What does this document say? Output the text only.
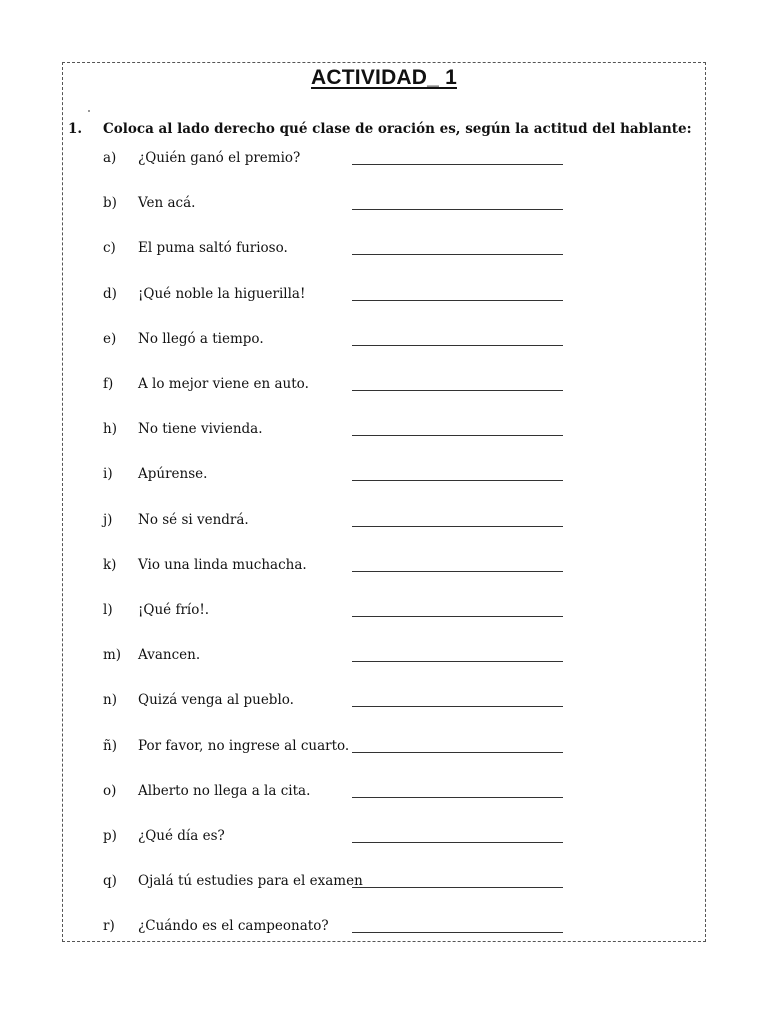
ACTIVIDAD_ 1
1. Coloca al lado derecho qué clase de oración es, según la actitud del hablante:
a) ¿Quién ganó el premio?
b) Ven acá.
c) El puma saltó furioso.
d) ¡Qué noble la higuerilla!
e) No llegó a tiempo.
f) A lo mejor viene en auto.
h) No tiene vivienda.
i) Apúrense.
j) No sé si vendrá.
k) Vio una linda muchacha.
l) ¡Qué frío!.
m) Avancen.
n) Quizá venga al pueblo.
ñ) Por favor, no ingrese al cuarto.
o) Alberto no llega a la cita.
p) ¿Qué día es?
q) Ojalá tú estudies para el examen
r) ¿Cuándo es el campeonato?
